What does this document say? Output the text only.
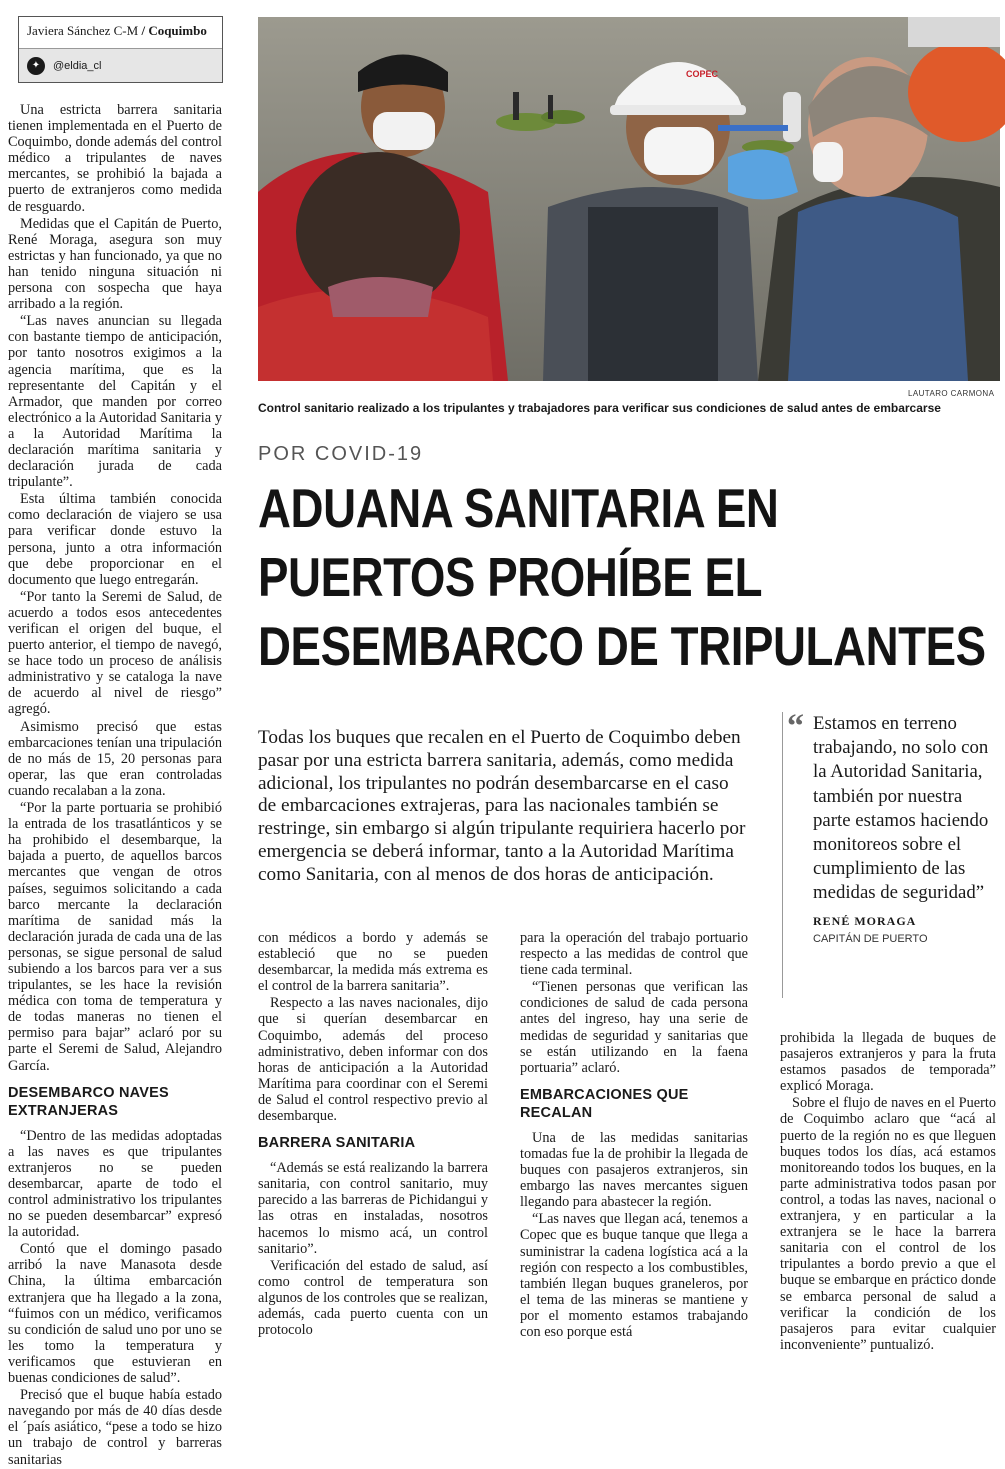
Javiera Sánchez C-M / Coquimbo
✦	@eldia_cl

Una estricta barrera sanitaria tienen implementada en el Puerto de Coquimbo, donde además del control médico a tripulantes de naves mercantes, se prohibió la bajada a puerto de extranjeros como medida de resguardo.

Medidas que el Capitán de Puerto, René Moraga, asegura son muy estrictas y han funcionado, ya que no han tenido ninguna situación ni persona con sospecha que haya arribado a la región.

“Las naves anuncian su llegada con bastante tiempo de anticipación, por tanto nosotros exigimos a la agencia marítima, que es la representante del Capitán y el Armador, que manden por correo electrónico a la Autoridad Sanitaria y a la Autoridad Marítima la declaración marítima sanitaria y declaración jurada de cada tripulante”.

Esta última también conocida como declaración de viajero se usa para verificar donde estuvo la persona, junto a otra información que debe proporcionar en el documento que luego entregarán.

“Por tanto la Seremi de Salud, de acuerdo a todos esos antecedentes verifican el origen del buque, el puerto anterior, el tiempo de navegó, se hace todo un proceso de análisis administrativo y se cataloga la nave de acuerdo al nivel de riesgo” agregó.

Asimismo precisó que estas embarcaciones tenían una tripulación de no más de 15, 20 personas para operar, las que eran controladas cuando recalaban a la zona.

“Por la parte portuaria se prohibió la entrada de los trasatlánticos y se ha prohibido el desembarque, la bajada a puerto, de aquellos barcos mercantes que vengan de otros países, seguimos solicitando a cada barco mercante la declaración marítima de sanidad más la declaración jurada de cada una de las personas, se sigue personal de salud subiendo a los barcos para ver a sus tripulantes, se les hace la revisión médica con toma de temperatura y de todas maneras no tienen el permiso para bajar” aclaró por su parte el Seremi de Salud, Alejandro García.

DESEMBARCO NAVES EXTRANJERAS

“Dentro de las medidas adoptadas a las naves es que tripulantes extranjeros no se pueden desembarcar, aparte de todo el control administrativo los tripulantes no se pueden desembarcar” expresó la autoridad.

Contó que el domingo pasado arribó la nave Manasota desde China, la última embarcación extranjera que ha llegado a la zona, “fuimos con un médico, verificamos su condición de salud uno por uno se les tomo la temperatura y verificamos que estuvieran en buenas condiciones de salud”.

Precisó que el buque había estado navegando por más de 40 días desde el ´país asiático, “pese a todo se hizo un trabajo de control y barreras sanitarias

COPEC
LAUTARO CARMONA
Control sanitario realizado a los tripulantes y trabajadores para verificar sus condiciones de salud antes de embarcarse
POR COVID-19
ADUANA SANITARIA EN
PUERTOS PROHÍBE EL
DESEMBARCO DE TRIPULANTES
Todas los buques que recalen en el Puerto de Coquimbo deben pasar por una estricta barrera sanitaria, además, como medida adicional, los tripulantes no podrán desembarcarse en el caso de embarcaciones extrajeras, para las nacionales también se restringe, sin embargo si algún tripulante requiriera hacerlo por emergencia se deberá informar, tanto a la Autoridad Marítima como Sanitaria, con al menos de dos horas de anticipación.
“ Estamos en terreno trabajando, no solo con la Autoridad Sanitaria, también por nuestra parte estamos haciendo monitoreos sobre el cumplimiento de las medidas de seguridad”
RENÉ MORAGA
CAPITÁN DE PUERTO

con médicos a bordo y además se estableció que no se pueden desembarcar, la medida más extrema es el control de la barrera sanitaria”.

Respecto a las naves nacionales, dijo que si querían desembarcar en Coquimbo, además del proceso administrativo, deben informar con dos horas de anticipación a la Autoridad Marítima para coordinar con el Seremi de Salud el control respectivo previo al desembarque.

BARRERA SANITARIA

“Además se está realizando la barrera sanitaria, con control sanitario, muy parecido a las barreras de Pichidangui y las otras en instaladas, nosotros hacemos lo mismo acá, un control sanitario”.

Verificación del estado de salud, así como control de temperatura son algunos de los controles que se realizan, además, cada puerto cuenta con un protocolo

para la operación del trabajo portuario respecto a las medidas de control que tiene cada terminal.

“Tienen personas que verifican las condiciones de salud de cada persona antes del ingreso, hay una serie de medidas de seguridad y sanitarias que se están utilizando en la faena portuaria” aclaró.

EMBARCACIONES QUE RECALAN

Una de las medidas sanitarias tomadas fue la de prohibir la llegada de buques con pasajeros extranjeros, sin embargo las naves mercantes siguen llegando para abastecer la región.

“Las naves que llegan acá, tenemos a Copec que es buque tanque que llega a suministrar la cadena logística acá a la región con respecto a los combustibles, también llegan buques graneleros, por el tema de las mineras se mantiene y por el momento estamos trabajando con eso porque está

prohibida la llegada de buques de pasajeros extranjeros y para la fruta estamos pasados de temporada” explicó Moraga.

Sobre el flujo de naves en el Puerto de Coquimbo aclaro que “acá al puerto de la región no es que lleguen buques todos los días, acá estamos monitoreando todos los buques, en la parte administrativa todos pasan por control, a todas las naves, nacional o extranjera, y en particular a la extranjera se le hace la barrera sanitaria con el control de los tripulantes a bordo previo a que el buque se embarque en práctico donde se embarca personal de salud a verificar la condición de los pasajeros para evitar cualquier inconveniente” puntualizó.
